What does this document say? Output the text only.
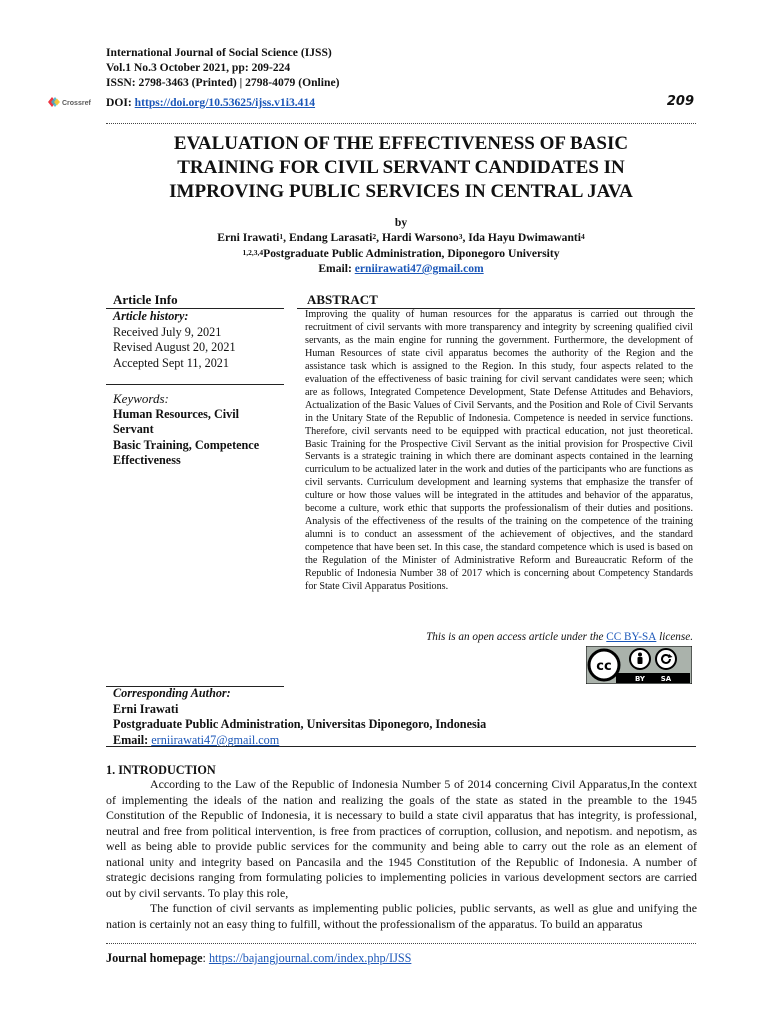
International Journal of Social Science (IJSS)
Vol.1 No.3 October 2021, pp: 209-224
ISSN: 2798-3463 (Printed) | 2798-4079 (Online)
Crossref DOI: https://doi.org/10.53625/ijss.v1i3.414	209
EVALUATION OF THE EFFECTIVENESS OF BASIC
TRAINING FOR CIVIL SERVANT CANDIDATES IN
IMPROVING PUBLIC SERVICES IN CENTRAL JAVA
by
Erni Irawati$^1$, Endang Larasati$^2$, Hardi Warsono$^3$, Ida Hayu Dwimawanti$^4$
$^{1,2,3,4}$Postgraduate Public Administration, Diponegoro University
Email: erniirawati47@gmail.com
Article Info
Article history:
Received July 9, 2021
Revised August 20, 2021
Accepted Sept 11, 2021
Keywords:
Human Resources, Civil Servant
Basic Training, Competence Effectiveness
ABSTRACT
Improving the quality of human resources for the apparatus is carried out through the recruitment of civil servants with more transparency and integrity by screening qualified civil servants, as the main engine for running the government. Furthermore, the development of Human Resources of state civil apparatus becomes the authority of the Region and the assistance task which is assigned to the Region. In this study, four aspects related to the evaluation of the effectiveness of basic training for civil servant candidates were seen; which are as follows, Integrated Competence Development, State Defense Attitudes and Behaviors, Actualization of the Basic Values of Civil Servants, and the Position and Role of Civil Servants in the Unitary State of the Republic of Indonesia. Competence is needed in service functions. Therefore, civil servants need to be equipped with practical education, not just theoretical. Basic Training for the Prospective Civil Servant as the initial provision for Prospective Civil Servants is a strategic training in which there are dominant aspects contained in the learning curriculum to be actualized later in the work and duties of the participants who are functions as civil servants. Curriculum development and learning systems that emphasize the transfer of culture or how those values will be integrated in the attitudes and behavior of the apparatus, become a culture, work ethic that supports the professionalism of their duties and positions. Analysis of the effectiveness of the results of the training on the competence of the training alumni is to conduct an assessment of the achievement of objectives, and the standard competence that have been set. In this case, the standard competence which is used is based on the Regulation of the Minister of Administrative Reform and Bureaucratic Reform of the Republic of Indonesia Number 38 of 2017 which is concerning about Competency Standards for State Civil Apparatus Positions.
This is an open access article under the CC BY-SA license.
cc
BY SA
Corresponding Author:
Erni Irawati
Postgraduate Public Administration, Universitas Diponegoro, Indonesia
Email: erniirawati47@gmail.com
1. INTRODUCTION

According to the Law of the Republic of Indonesia Number 5 of 2014 concerning Civil Apparatus,In the context of implementing the ideals of the nation and realizing the goals of the state as stated in the preamble to the 1945 Constitution of the Republic of Indonesia, it is necessary to build a state civil apparatus that has integrity, is professional, neutral and free from political intervention, is free from practices of corruption, collusion, and nepotism. and nepotism, as well as being able to provide public services for the community and being able to carry out the role as an element of national unity and integrity based on Pancasila and the 1945 Constitution of the Republic of Indonesia. A number of strategic decisions ranging from formulating policies to implementing policies in various development sectors are carried out by civil servants. To play this role,

The function of civil servants as implementing public policies, public servants, as well as glue and unifying the nation is certainly not an easy thing to fulfill, without the professionalism of the apparatus. To build an apparatus

Journal homepage: https://bajangjournal.com/index.php/IJSS
